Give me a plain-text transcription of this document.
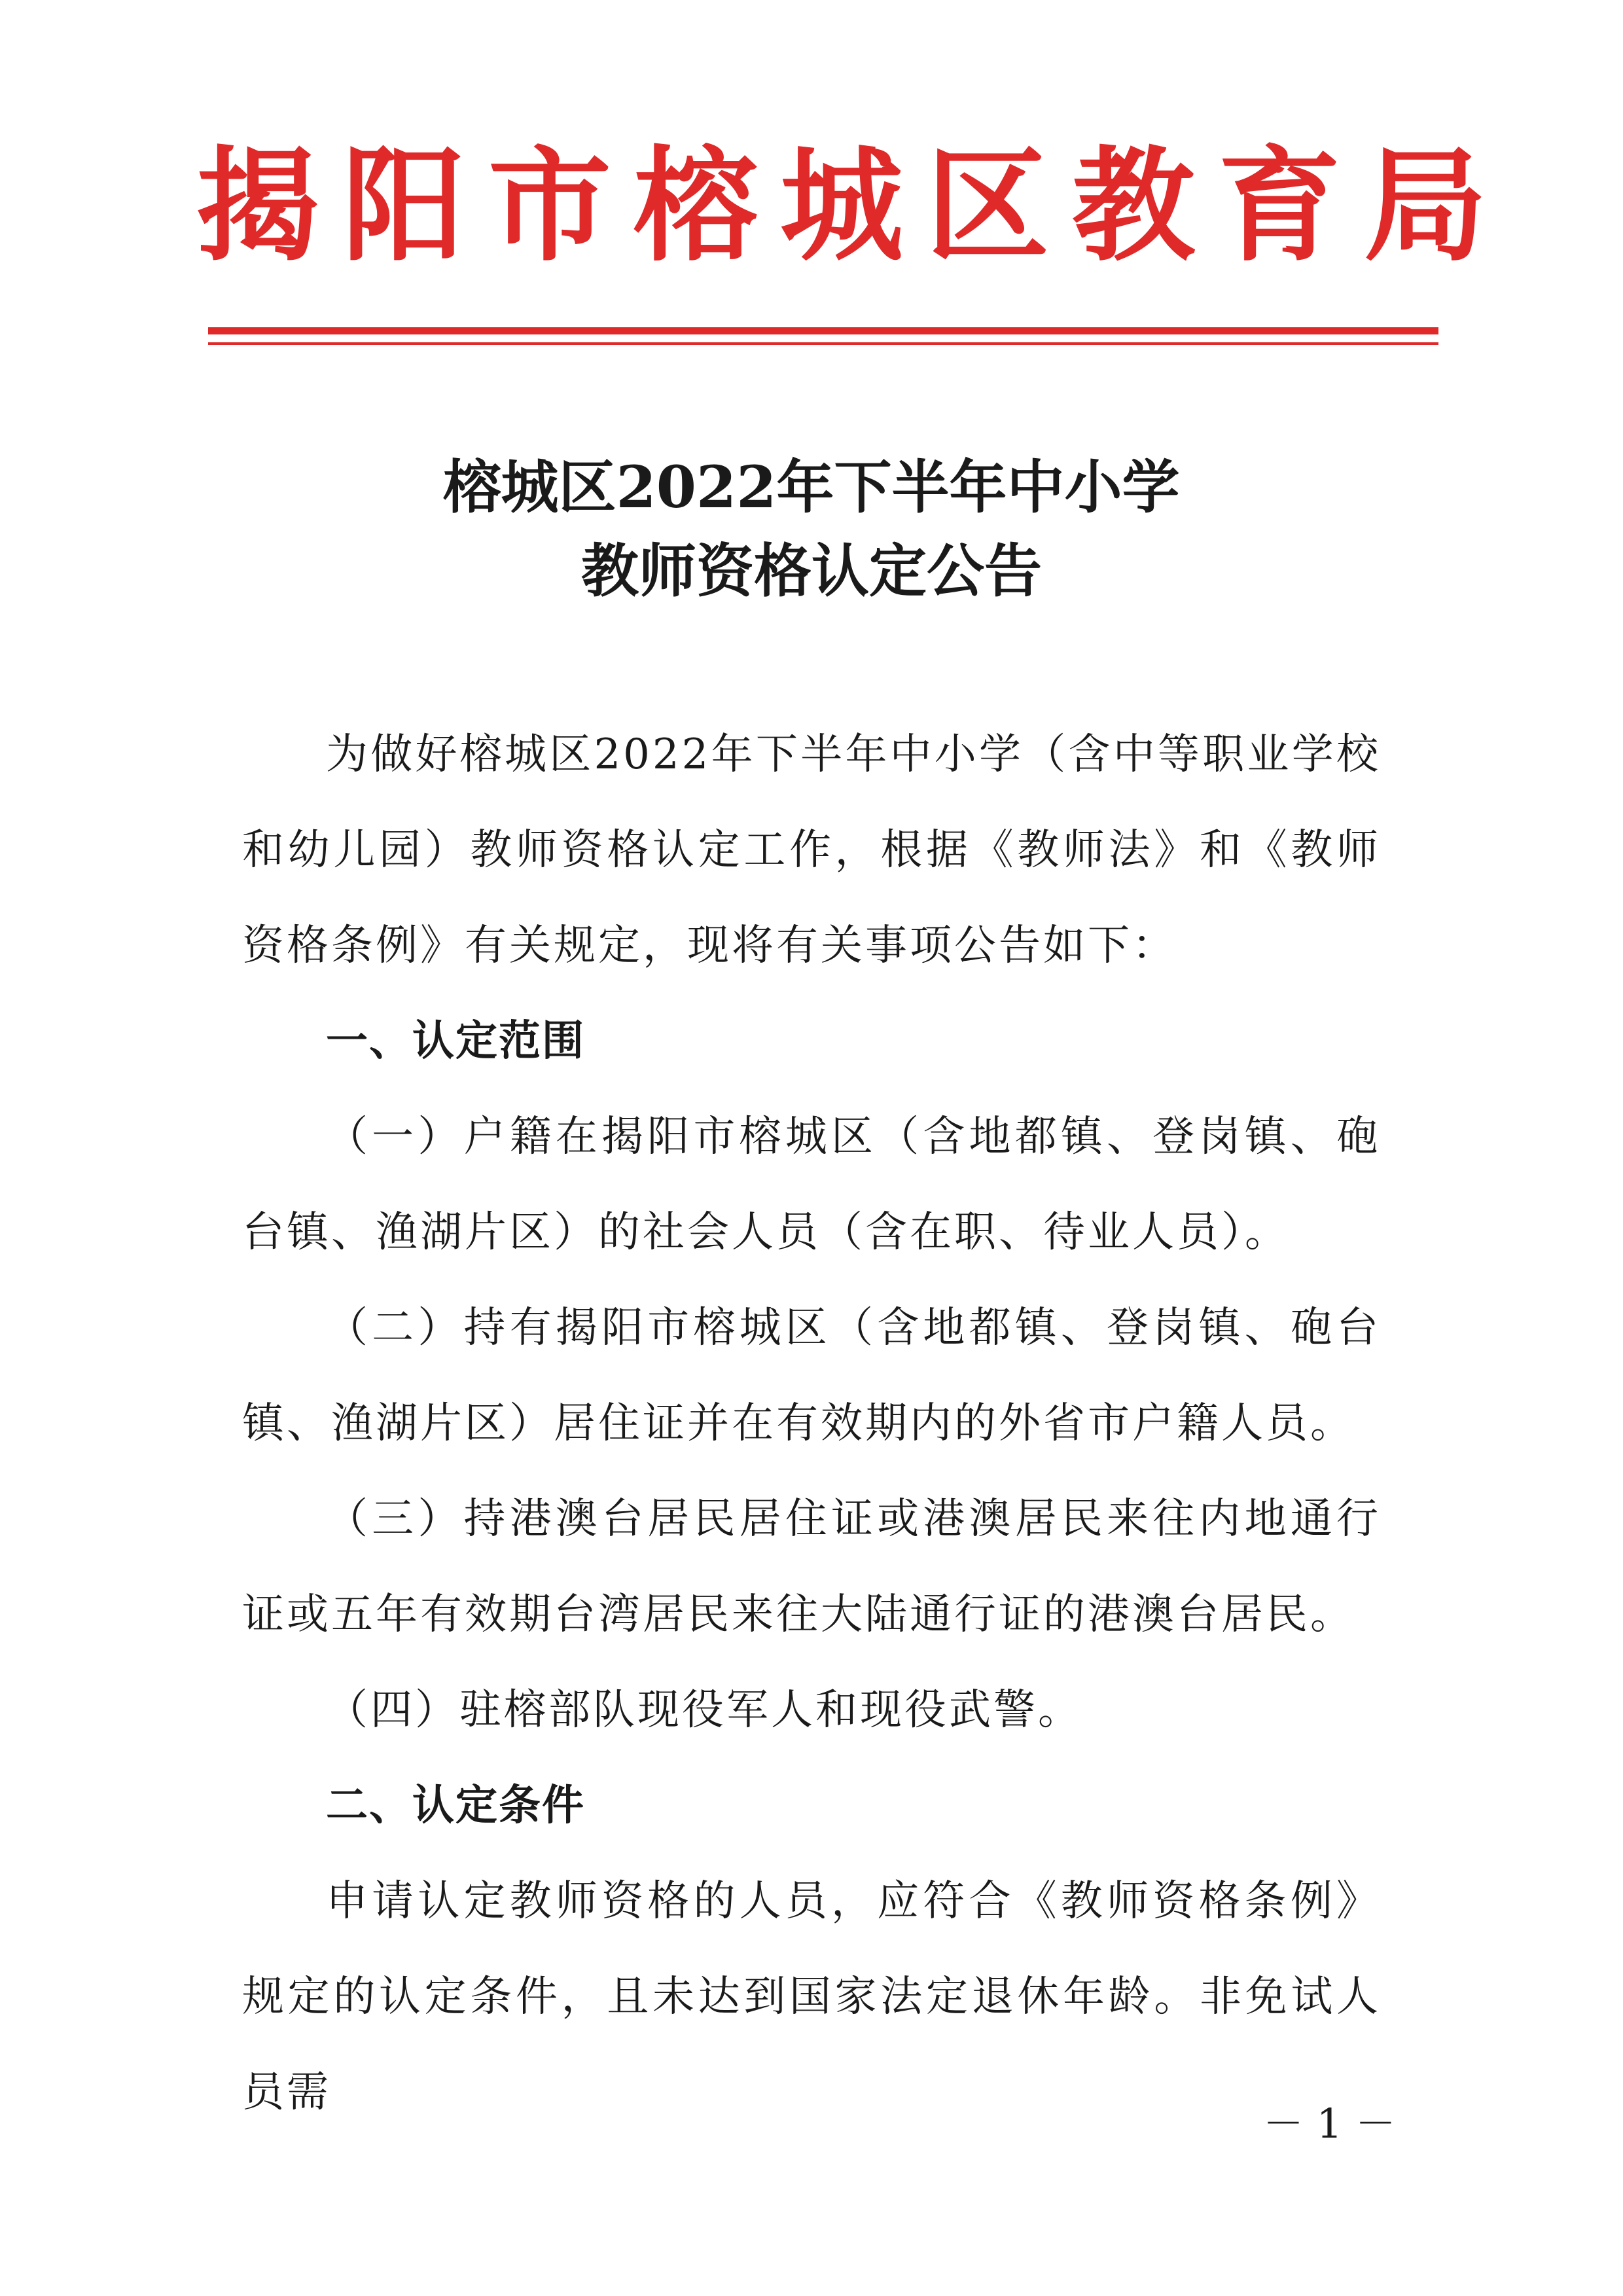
揭阳市榕城区教育局
榕城区2022年下半年中小学
教师资格认定公告

为做好榕城区2022年下半年中小学（含中等职业学校和幼儿园）教师资格认定工作，根据《教师法》和《教师资格条例》有关规定，现将有关事项公告如下：

一、认定范围

（一）户籍在揭阳市榕城区（含地都镇、登岗镇、砲台镇、渔湖片区）的社会人员（含在职、待业人员）。

（二）持有揭阳市榕城区（含地都镇、登岗镇、砲台镇、渔湖片区）居住证并在有效期内的外省市户籍人员。

（三）持港澳台居民居住证或港澳居民来往内地通行证或五年有效期台湾居民来往大陆通行证的港澳台居民。

（四）驻榕部队现役军人和现役武警。

二、认定条件

申请认定教师资格的人员，应符合《教师资格条例》规定的认定条件，且未达到国家法定退休年龄。非免试人员需

－ 1 －
